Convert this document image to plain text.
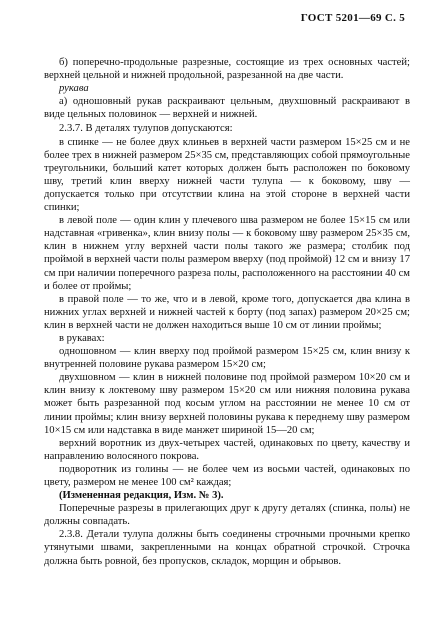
ГОСТ 5201—69 С. 5

б) поперечно-продольные разрезные, состоящие из трех основных частей; верхней цельной и нижней продольной, разрезанной на две части.

рукава

а) одношовный рукав раскраивают цельным, двухшовный раскраивают в виде цельных половинок — верхней и нижней.

2.3.7. В деталях тулупов допускаются:

в спинке — не более двух клиньев в верхней части размером 15×25 см и не более трех в нижней размером 25×35 см, представляющих собой прямоугольные треугольники, больший катет которых должен быть расположен по боковому шву, третий клин вверху нижней части тулупа — к боковому, шву — допускается только при отсутствии клина на этой стороне в верхней части спинки;

в левой поле — один клин у плечевого шва размером не более 15×15 см или надставная «гривенка», клин внизу полы — к боковому шву размером 25×35 см, клин в нижнем углу верхней части полы такого же размера; столбик под проймой в верхней части полы размером вверху (под проймой) 12 см и внизу 17 см при наличии поперечного разреза полы, расположенного на расстоянии 40 см и более от проймы;

в правой поле — то же, что и в левой, кроме того, допускается два клина в нижних углах верхней и нижней частей к борту (под запах) размером 20×25 см; клин в верхней части не должен находиться выше 10 см от линии проймы;

в рукавах:

одношовном — клин вверху под проймой размером 15×25 см, клин внизу к внутренней половине рукава размером 15×20 см;

двухшовном — клин в нижней половине под проймой размером 10×20 см и клин внизу к локтевому шву размером 15×20 см или нижняя половина рукава может быть разрезанной под косым углом на расстоянии не менее 10 см от линии проймы; клин внизу верхней половины рукава к переднему шву размером 10×15 см или надставка в виде манжет шириной 15—20 см;

верхний воротник из двух-четырех частей, одинаковых по цвету, качеству и направлению волосяного покрова.

подворотник из голины — не более чем из восьми частей, одинаковых по цвету, размером не менее 100 см² каждая;

(Измененная редакция, Изм. № 3).

Поперечные разрезы в прилегающих друг к другу деталях (спинка, полы) не должны совпадать.

2.3.8. Детали тулупа должны быть соединены строчными прочными крепко утянутыми швами, закрепленными на концах обратной строчкой. Строчка должна быть ровной, без пропусков, складок, морщин и обрывов.
